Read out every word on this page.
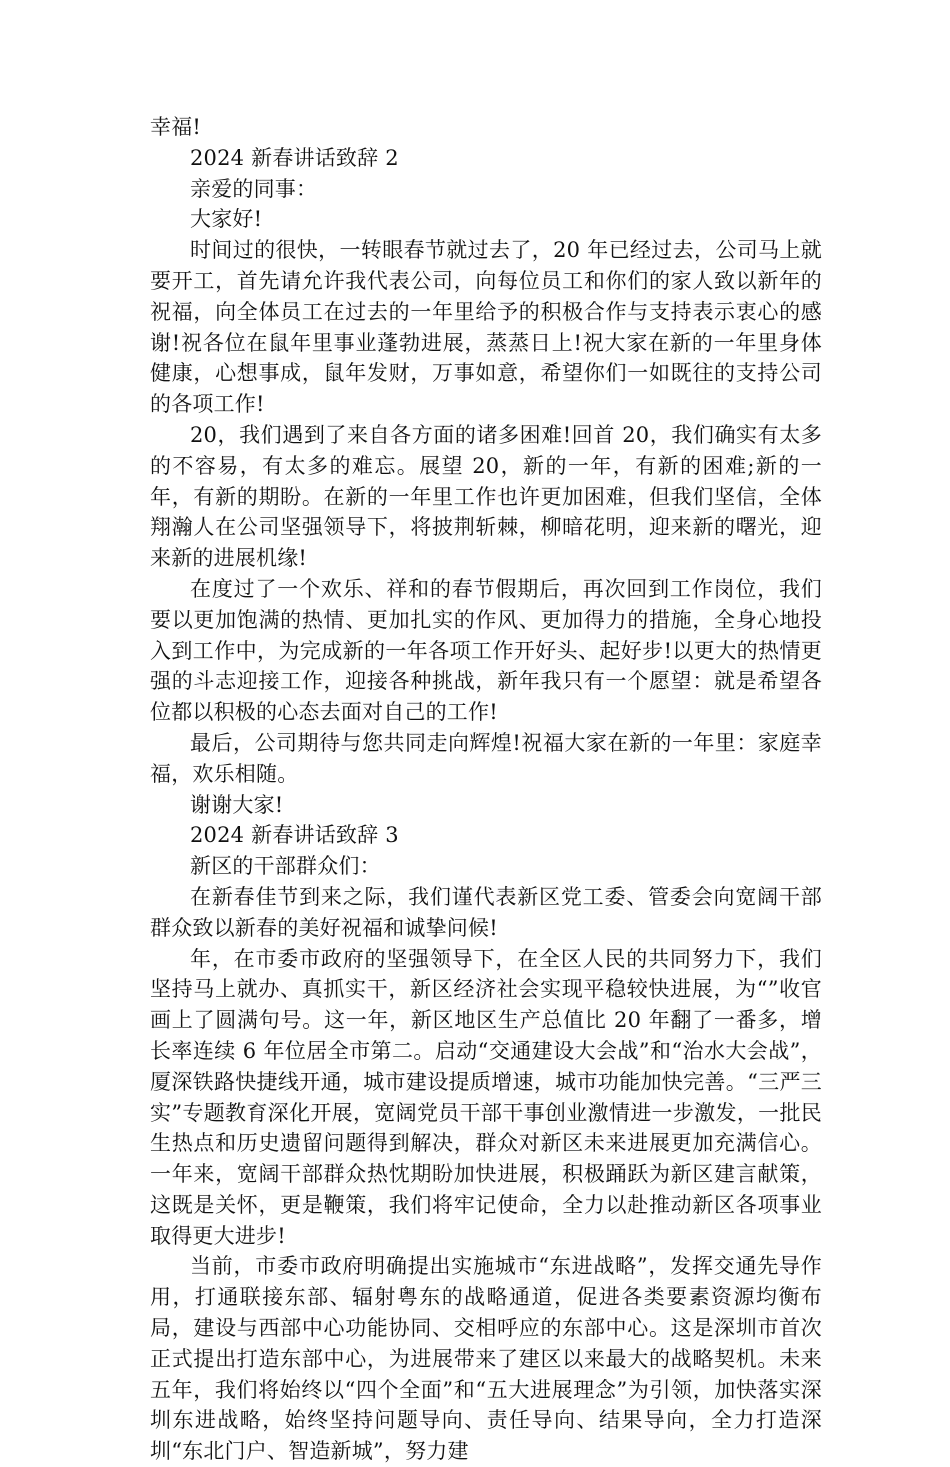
幸福!

2024 新春讲话致辞 2

亲爱的同事：

大家好!

时间过的很快，一转眼春节就过去了，20 年已经过去，公司马上就要开工，首先请允许我代表公司，向每位员工和你们的家人致以新年的祝福，向全体员工在过去的一年里给予的积极合作与支持表示衷心的感谢!祝各位在鼠年里事业蓬勃进展，蒸蒸日上!祝大家在新的一年里身体健康，心想事成，鼠年发财，万事如意，希望你们一如既往的支持公司的各项工作!

20，我们遇到了来自各方面的诸多困难!回首 20，我们确实有太多的不容易，有太多的难忘。展望 20，新的一年，有新的困难;新的一年，有新的期盼。在新的一年里工作也许更加困难，但我们坚信，全体翔瀚人在公司坚强领导下，将披荆斩棘，柳暗花明，迎来新的曙光，迎来新的进展机缘!

在度过了一个欢乐、祥和的春节假期后，再次回到工作岗位，我们要以更加饱满的热情、更加扎实的作风、更加得力的措施，全身心地投入到工作中，为完成新的一年各项工作开好头、起好步!以更大的热情更强的斗志迎接工作，迎接各种挑战，新年我只有一个愿望：就是希望各位都以积极的心态去面对自己的工作!

最后，公司期待与您共同走向辉煌!祝福大家在新的一年里：家庭幸福，欢乐相随。

谢谢大家!

2024 新春讲话致辞 3

新区的干部群众们：

在新春佳节到来之际，我们谨代表新区党工委、管委会向宽阔干部群众致以新春的美好祝福和诚挚问候!

年，在市委市政府的坚强领导下，在全区人民的共同努力下，我们坚持马上就办、真抓实干，新区经济社会实现平稳较快进展，为“”收官画上了圆满句号。这一年，新区地区生产总值比 20 年翻了一番多，增长率连续 6 年位居全市第二。启动“交通建设大会战”和“治水大会战”，厦深铁路快捷线开通，城市建设提质增速，城市功能加快完善。“三严三实”专题教育深化开展，宽阔党员干部干事创业激情进一步激发，一批民生热点和历史遗留问题得到解决，群众对新区未来进展更加充满信心。一年来，宽阔干部群众热忱期盼加快进展，积极踊跃为新区建言献策，这既是关怀，更是鞭策，我们将牢记使命，全力以赴推动新区各项事业取得更大进步!

当前，市委市政府明确提出实施城市“东进战略”，发挥交通先导作用，打通联接东部、辐射粤东的战略通道，促进各类要素资源均衡布局，建设与西部中心功能协同、交相呼应的东部中心。这是深圳市首次正式提出打造东部中心，为进展带来了建区以来最大的战略契机。未来五年，我们将始终以“四个全面”和“五大进展理念”为引领，加快落实深圳东进战略，始终坚持问题导向、责任导向、结果导向，全力打造深圳“东北门户、智造新城”，努力建
